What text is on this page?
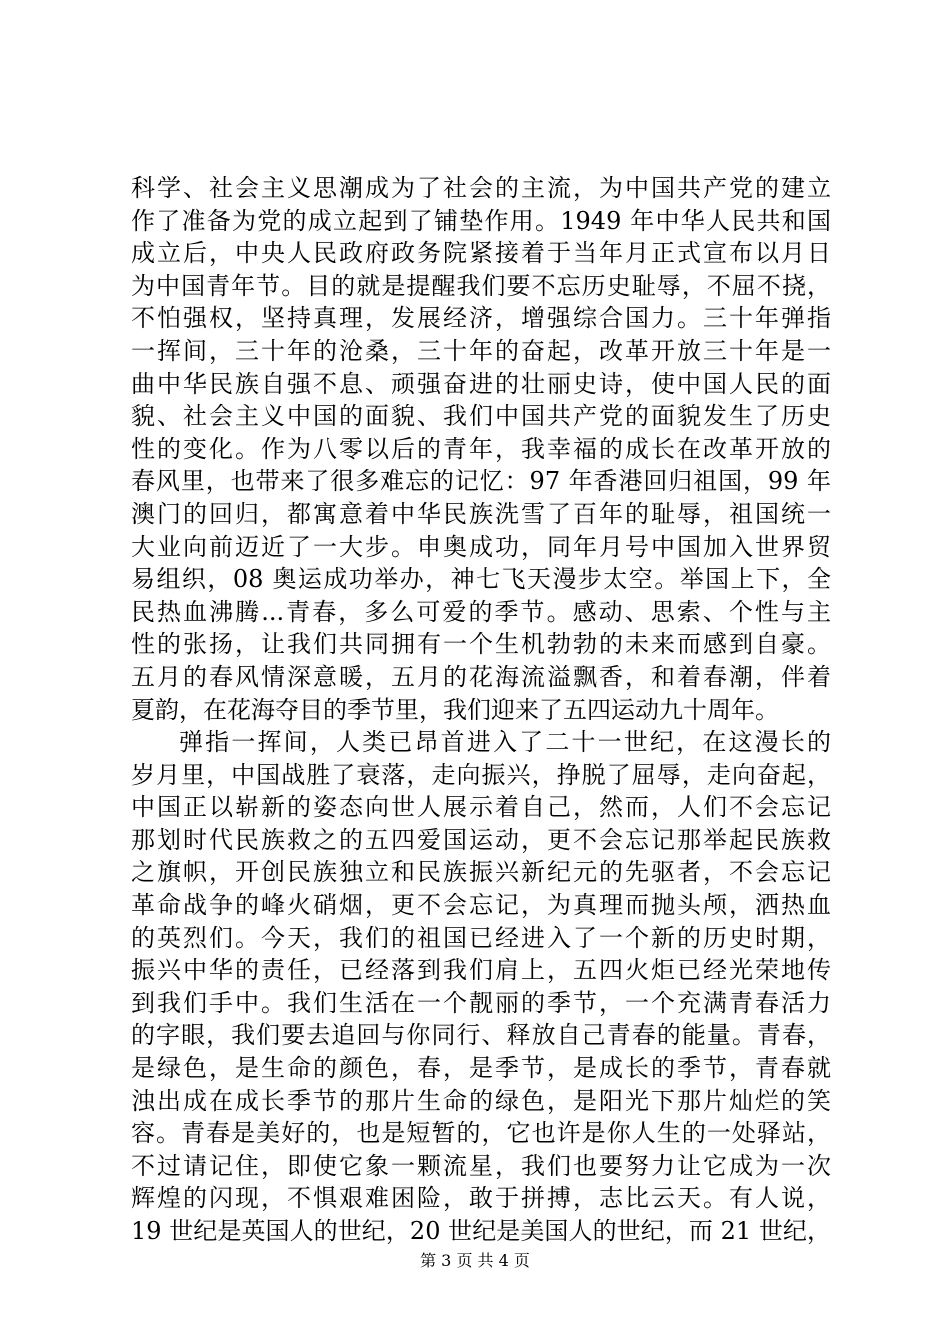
科学、社会主义思潮成为了社会的主流，为中国共产党的建立
作了准备为党的成立起到了铺垫作用。1949 年中华人民共和国
成立后，中央人民政府政务院紧接着于当年月正式宣布以月日
为中国青年节。目的就是提醒我们要不忘历史耻辱，不屈不挠，
不怕强权，坚持真理，发展经济，增强综合国力。三十年弹指
一挥间，三十年的沧桑，三十年的奋起，改革开放三十年是一
曲中华民族自强不息、顽强奋进的壮丽史诗，使中国人民的面
貌、社会主义中国的面貌、我们中国共产党的面貌发生了历史
性的变化。作为八零以后的青年，我幸福的成长在改革开放的
春风里，也带来了很多难忘的记忆：97 年香港回归祖国，99 年
澳门的回归，都寓意着中华民族洗雪了百年的耻辱，祖国统一
大业向前迈近了一大步。申奥成功，同年月号中国加入世界贸
易组织，08 奥运成功举办，神七飞天漫步太空。举国上下，全
民热血沸腾...青春，多么可爱的季节。感动、思索、个性与主
性的张扬，让我们共同拥有一个生机勃勃的未来而感到自豪。
五月的春风情深意暖，五月的花海流溢飘香，和着春潮，伴着
夏韵，在花海夺目的季节里，我们迎来了五四运动九十周年。
弹指一挥间，人类已昂首进入了二十一世纪，在这漫长的
岁月里，中国战胜了衰落，走向振兴，挣脱了屈辱，走向奋起，
中国正以崭新的姿态向世人展示着自己，然而，人们不会忘记
那划时代民族救之的五四爱国运动，更不会忘记那举起民族救
之旗帜，开创民族独立和民族振兴新纪元的先驱者，不会忘记
革命战争的峰火硝烟，更不会忘记，为真理而抛头颅，洒热血
的英烈们。今天，我们的祖国已经进入了一个新的历史时期，
振兴中华的责任，已经落到我们肩上，五四火炬已经光荣地传
到我们手中。我们生活在一个靓丽的季节，一个充满青春活力
的字眼，我们要去追回与你同行、释放自己青春的能量。青春，
是绿色，是生命的颜色，春，是季节，是成长的季节，青春就
浊出成在成长季节的那片生命的绿色，是阳光下那片灿烂的笑
容。青春是美好的，也是短暂的，它也许是你人生的一处驿站，
不过请记住，即使它象一颗流星，我们也要努力让它成为一次
辉煌的闪现，不惧艰难困险，敢于拼搏，志比云天。有人说，
19 世纪是英国人的世纪，20 世纪是美国人的世纪，而 21 世纪，
第 3 页 共 4 页
